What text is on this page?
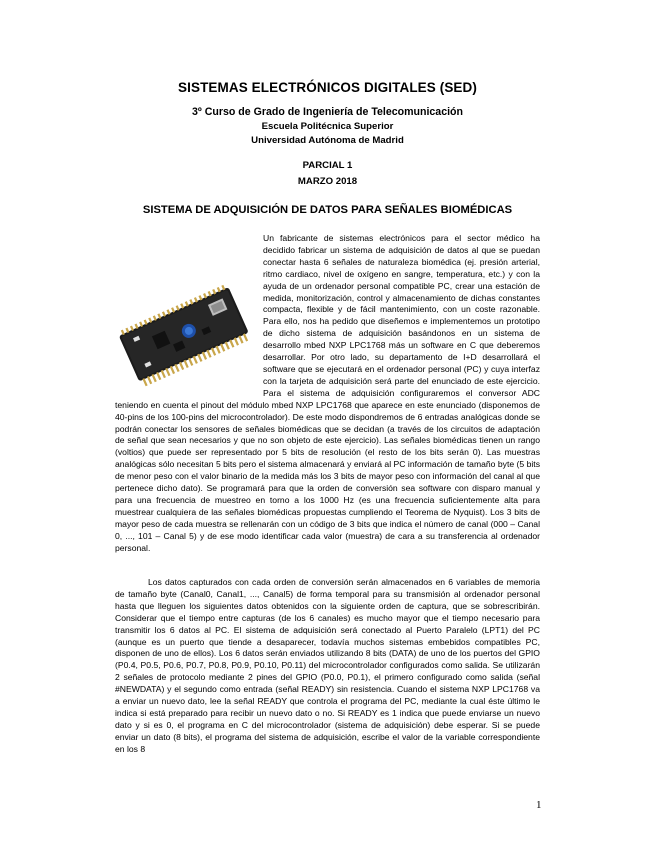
SISTEMAS ELECTRÓNICOS DIGITALES (SED)
3º Curso de Grado de Ingeniería de Telecomunicación
Escuela Politécnica Superior
Universidad Autónoma de Madrid
PARCIAL 1
MARZO 2018
SISTEMA DE ADQUISICIÓN DE DATOS PARA SEÑALES BIOMÉDICAS
Un fabricante de sistemas electrónicos para el sector médico ha decidido fabricar un sistema de adquisición de datos al que se puedan conectar hasta 6 señales de naturaleza biomédica (ej. presión arterial, ritmo cardiaco, nivel de oxígeno en sangre, temperatura, etc.) y con la ayuda de un ordenador personal compatible PC, crear una estación de medida, monitorización, control y almacenamiento de dichas constantes compacta, flexible y de fácil mantenimiento, con un coste razonable. Para ello, nos ha pedido que diseñemos e implementemos un prototipo de dicho sistema de adquisición basándonos en un sistema de desarrollo mbed NXP LPC1768 más un software en C que deberemos desarrollar. Por otro lado, su departamento de I+D desarrollará el software que se ejecutará en el ordenador personal (PC) y cuya interfaz con la tarjeta de adquisición será parte del enunciado de este ejercicio. Para el sistema de adquisición configuraremos el conversor ADC teniendo en cuenta el pinout del módulo mbed NXP LPC1768 que aparece en este enunciado (disponemos de 40-pins de los 100-pins del microcontrolador). De este modo dispondremos de 6 entradas analógicas donde se podrán conectar los sensores de señales biomédicas que se decidan (a través de los circuitos de adaptación de señal que sean necesarios y que no son objeto de este ejercicio). Las señales biomédicas tienen un rango (voltios) que puede ser representado por 5 bits de resolución (el resto de los bits serán 0). Las muestras analógicas sólo necesitan 5 bits pero el sistema almacenará y enviará al PC información de tamaño byte (5 bits de menor peso con el valor binario de la medida más los 3 bits de mayor peso con información del canal al que pertenece dicho dato). Se programará para que la orden de conversión sea software con disparo manual y para una frecuencia de muestreo en torno a los 1000 Hz (es una frecuencia suficientemente alta para muestrear cualquiera de las señales biomédicas propuestas cumpliendo el Teorema de Nyquist). Los 3 bits de mayor peso de cada muestra se rellenarán con un código de 3 bits que indica el número de canal (000 – Canal 0, ..., 101 – Canal 5) y de ese modo identificar cada valor (muestra) de cara a su transferencia al ordenador personal.
Los datos capturados con cada orden de conversión serán almacenados en 6 variables de memoria de tamaño byte (Canal0, Canal1, ..., Canal5) de forma temporal para su transmisión al ordenador personal hasta que lleguen los siguientes datos obtenidos con la siguiente orden de captura, que se sobrescribirán. Considerar que el tiempo entre capturas (de los 6 canales) es mucho mayor que el tiempo necesario para transmitir los 6 datos al PC. El sistema de adquisición será conectado al Puerto Paralelo (LPT1) del PC (aunque es un puerto que tiende a desaparecer, todavía muchos sistemas embebidos compatibles PC, disponen de uno de ellos). Los 6 datos serán enviados utilizando 8 bits (DATA) de uno de los puertos del GPIO (P0.4, P0.5, P0.6, P0.7, P0.8, P0.9, P0.10, P0.11) del microcontrolador configurados como salida. Se utilizarán 2 señales de protocolo mediante 2 pines del GPIO (P0.0, P0.1), el primero configurado como salida (señal #NEWDATA) y el segundo como entrada (señal READY) sin resistencia. Cuando el sistema NXP LPC1768 va a enviar un nuevo dato, lee la señal READY que controla el programa del PC, mediante la cual éste último le indica si está preparado para recibir un nuevo dato o no. Si READY es 1 indica que puede enviarse un nuevo dato y si es 0, el programa en C del microcontrolador (sistema de adquisición) debe esperar. Si se puede enviar un dato (8 bits), el programa del sistema de adquisición, escribe el valor de la variable correspondiente en los 8
1
